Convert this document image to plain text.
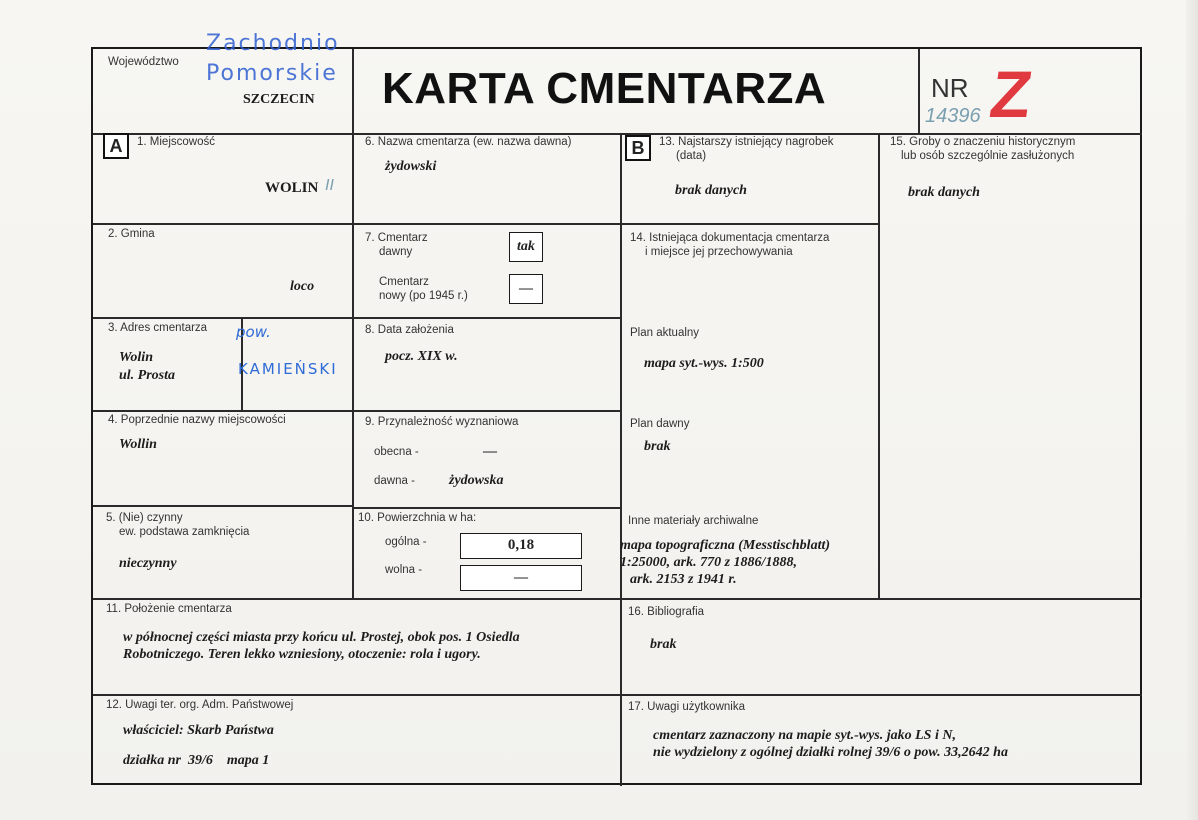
Województwo
Zachodnio
Pomorskie
SZCZECIN KARTA CMENTARZA	NR Z
14396
A	1. Miejscowość
WOLIN II
2. Gmina
loco
3. Adres cmentarza
Wolin
ul. Prosta
pow.
KAMIEŃSKI
4. Poprzednie nazwy miejscowości
Wollin
5. (Nie) czynny
ew. podstawa zamknięcia
nieczynny
6. Nazwa cmentarza (ew. nazwa dawna)
żydowski
7. Cmentarz
dawny	tak
Cmentarz
nowy (po 1945 r.)	—
8. Data założenia
pocz. XIX w.
9. Przynależność wyznaniowa
obecna -	—
dawna - żydowska
10. Powierzchnia w ha:
ogólna -	0,18
wolna -	—
B	13. Najstarszy istniejący nagrobek
(data)
brak danych
14. Istniejąca dokumentacja cmentarza
i miejsce jej przechowywania
Plan aktualny
mapa syt.-wys. 1:500
Plan dawny
brak
Inne materiały archiwalne
mapa topograficzna (Messtischblatt)
1:25000, ark. 770 z 1886/1888,
ark. 2153 z 1941 r.
15. Groby o znaczeniu historycznym
lub osób szczególnie zasłużonych
brak danych
11. Położenie cmentarza
w północnej części miasta przy końcu ul. Prostej, obok pos. 1 Osiedla
Robotniczego. Teren lekko wzniesiony, otoczenie: rola i ugory.
16. Bibliografia
brak
12. Uwagi ter. org. Adm. Państwowej
właściciel: Skarb Państwa
działka nr  39/6    mapa 1
17. Uwagi użytkownika
cmentarz zaznaczony na mapie syt.-wys. jako LS i N,
nie wydzielony z ogólnej działki rolnej 39/6 o pow. 33,2642 ha
